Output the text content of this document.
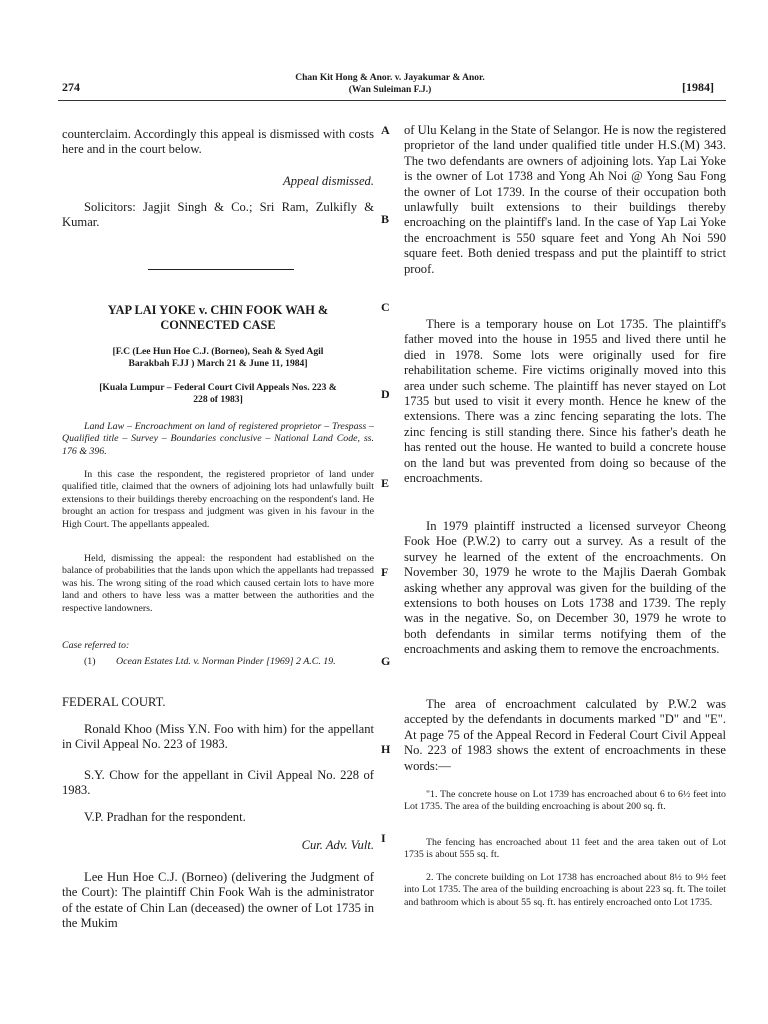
274
Chan Kit Hong & Anor. v. Jayakumar & Anor.
(Wan Suleiman F.J.)	[1984]

counterclaim. Accordingly this appeal is dismissed with costs here and in the court below.

Appeal dismissed.

Solicitors: Jagjit Singh & Co.; Sri Ram, Zulkifly & Kumar.

YAP LAI YOKE v. CHIN FOOK WAH &
CONNECTED CASE
[F.C (Lee Hun Hoe C.J. (Borneo), Seah & Syed Agil
Barakbah F.JJ ) March 21 & June 11, 1984]
[Kuala Lumpur – Federal Court Civil Appeals Nos. 223 &
228 of 1983]

Land Law – Encroachment on land of registered proprietor – Trespass – Qualified title – Survey – Boundaries conclusive – National Land Code, ss. 176 & 396.

In this case the respondent, the registered proprietor of land under qualified title, claimed that the owners of adjoining lots had unlawfully built extensions to their buildings thereby encroaching on the respondent's land. He brought an action for trespass and judgment was given in his favour in the High Court. The appellants appealed.

Held, dismissing the appeal: the respondent had established on the balance of probabilities that the lands upon which the appellants had trepassed was his. The wrong siting of the road which caused certain lots to have more land and others to have less was a matter between the authorities and the respective landowners.

Case referred to:

(1) Ocean Estates Ltd. v. Norman Pinder [1969] 2 A.C. 19.

FEDERAL COURT.

Ronald Khoo (Miss Y.N. Foo with him) for the appellant in Civil Appeal No. 223 of 1983.

S.Y. Chow for the appellant in Civil Appeal No. 228 of 1983.

V.P. Pradhan for the respondent.

Cur. Adv. Vult.

Lee Hun Hoe C.J. (Borneo) (delivering the Judgment of the Court): The plaintiff Chin Fook Wah is the administrator of the estate of Chin Lan (deceased) the owner of Lot 1735 in the Mukim

A
B
C
D
E
F
G
H
I

of Ulu Kelang in the State of Selangor. He is now the registered proprietor of the land under qualified title under H.S.(M) 343. The two defendants are owners of adjoining lots. Yap Lai Yoke is the owner of Lot 1738 and Yong Ah Noi @ Yong Sau Fong the owner of Lot 1739. In the course of their occupation both unlawfully built extensions to their buildings thereby encroaching on the plaintiff's land. In the case of Yap Lai Yoke the encroachment is 550 square feet and Yong Ah Noi 590 square feet. Both denied trespass and put the plaintiff to strict proof.

There is a temporary house on Lot 1735. The plaintiff's father moved into the house in 1955 and lived there until he died in 1978. Some lots were originally used for fire rehabilitation scheme. Fire victims originally moved into this area under such scheme. The plaintiff has never stayed on Lot 1735 but used to visit it every month. Hence he knew of the extensions. There was a zinc fencing separating the lots. The zinc fencing is still standing there. Since his father's death he has rented out the house. He wanted to build a concrete house on the land but was prevented from doing so because of the encroachments.

In 1979 plaintiff instructed a licensed surveyor Cheong Fook Hoe (P.W.2) to carry out a survey. As a result of the survey he learned of the extent of the encroachments. On November 30, 1979 he wrote to the Majlis Daerah Gombak asking whether any approval was given for the building of the extensions to both houses on Lots 1738 and 1739. The reply was in the negative. So, on December 30, 1979 he wrote to both defendants in similar terms notifying them of the encroachments and asking them to remove the encroachments.

The area of encroachment calculated by P.W.2 was accepted by the defendants in documents marked "D" and "E". At page 75 of the Appeal Record in Federal Court Civil Appeal No. 223 of 1983 shows the extent of encroachments in these words:—

"1. The concrete house on Lot 1739 has encroached about 6 to 6½ feet into Lot 1735. The area of the building encroaching is about 200 sq. ft.

The fencing has encroached about 11 feet and the area taken out of Lot 1735 is about 555 sq. ft.

2. The concrete building on Lot 1738 has encroached about 8½ to 9½ feet into Lot 1735. The area of the building encroaching is about 223 sq. ft. The toilet and bathroom which is about 55 sq. ft. has entirely encroached onto Lot 1735.
